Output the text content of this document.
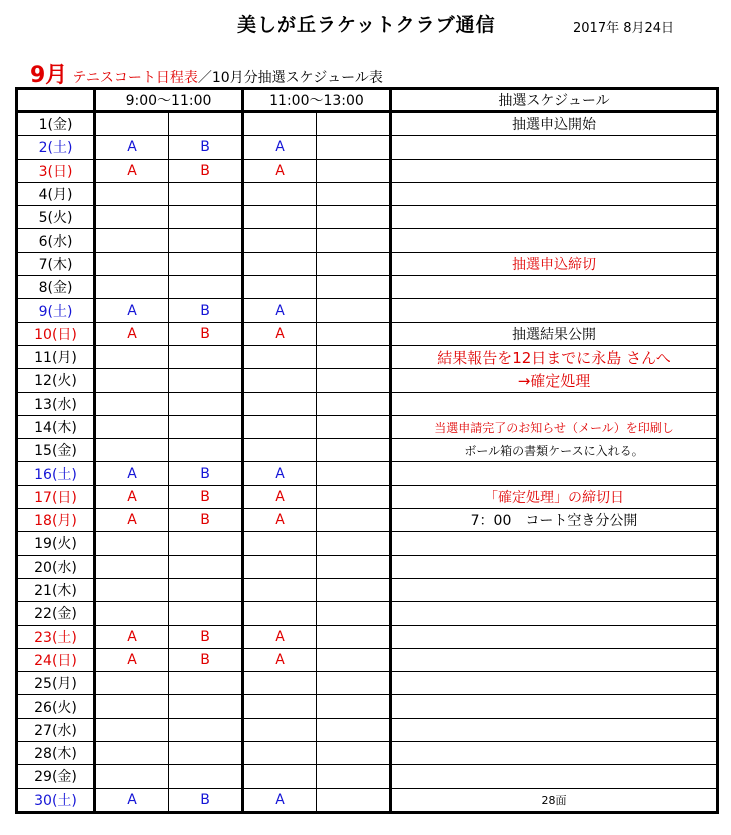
美しが丘ラケットクラブ通信	2017年 8月24日
9月 テニスコート日程表／10月分抽選スケジュール表
	9:00〜11:00		11:00〜13:00		抽選スケジュール
1(金)					抽選申込開始
2(土)	A	B	A		
3(日)	A	B	A		
4(月)					
5(火)					
6(水)					
7(木)					抽選申込締切
8(金)					
9(土)	A	B	A		
10(日)	A	B	A		抽選結果公開
11(月)					結果報告を12日までに永島 さんへ
12(火)					→確定処理
13(水)					
14(木)					当選申請完了のお知らせ（メール）を印刷し
15(金)					ボール箱の書類ケースに入れる。
16(土)	A	B	A		
17(日)	A	B	A		「確定処理」の締切日
18(月)	A	B	A		7：00　コート空き分公開
19(火)					
20(水)					
21(木)					
22(金)					
23(土)	A	B	A		
24(日)	A	B	A		
25(月)					
26(火)					
27(水)					
28(木)					
29(金)					
30(土)	A	B	A		28面
